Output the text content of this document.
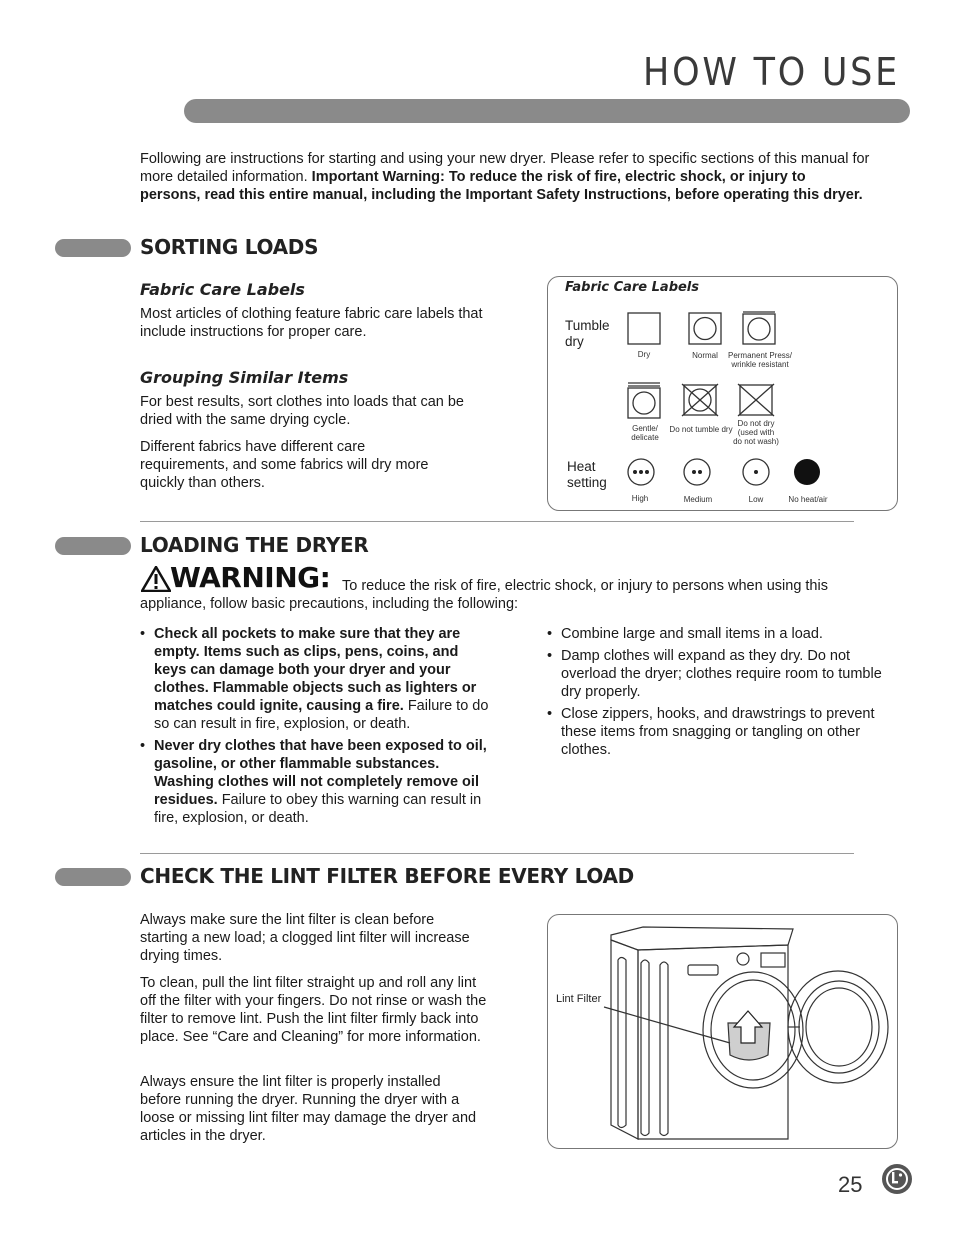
HOW TO USE
Following are instructions for starting and using your new dryer. Please refer to specific sections of this manual for more detailed information. Important Warning: To reduce the risk of fire, electric shock, or injury to persons, read this entire manual, including the Important Safety Instructions, before operating this dryer.
SORTING LOADS
Fabric Care Labels
Most articles of clothing feature fabric care labels that include instructions for proper care.
Grouping Similar Items
For best results, sort clothes into loads that can be dried with the same drying cycle.
Different fabrics have different care requirements, and some fabrics will dry more quickly than others.
Fabric Care Labels
Tumble
dry
Heat
setting
Dry	Normal	Permanent Press/
wrinkle resistant
Gentle/
delicate
Do not tumble dry
Do not dry
(used with
do not wash)
High	Medium	Low	No heat/air
LOADING THE DRYER
WARNING: To reduce the risk of fire, electric shock, or injury to persons when using this appliance, follow basic precautions, including the following:
• Check all pockets to make sure that they are empty. Items such as clips, pens, coins, and keys can damage both your dryer and your clothes. Flammable objects such as lighters or matches could ignite, causing a fire. Failure to do so can result in fire, explosion, or death.
• Never dry clothes that have been exposed to oil, gasoline, or other flammable substances. Washing clothes will not completely remove oil residues. Failure to obey this warning can result in fire, explosion, or death.
• Combine large and small items in a load.
• Damp clothes will expand as they dry. Do not overload the dryer; clothes require room to tumble dry properly.
• Close zippers, hooks, and drawstrings to prevent these items from snagging or tangling on other clothes.
CHECK THE LINT FILTER BEFORE EVERY LOAD
Always make sure the lint filter is clean before starting a new load; a clogged lint filter will increase drying times.
To clean, pull the lint filter straight up and roll any lint off the filter with your fingers. Do not rinse or wash the filter to remove lint. Push the lint filter firmly back into place. See “Care and Cleaning” for more information.
Always ensure the lint filter is properly installed before running the dryer. Running the dryer with a loose or missing lint filter may damage the dryer and articles in the dryer.
Lint Filter
25
